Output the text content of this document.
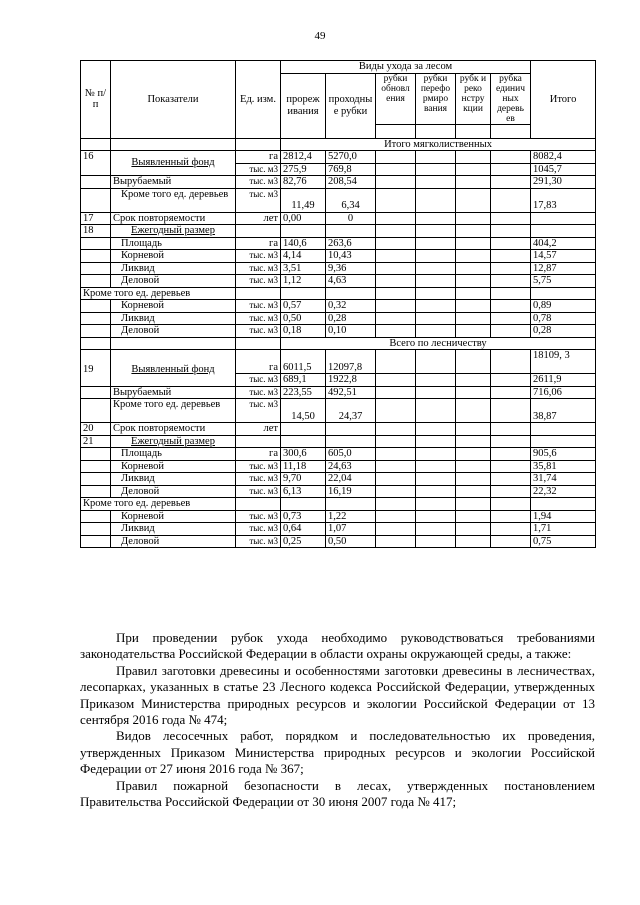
49
№ п/п	Показатели	Ед. изм.	Виды ухода за лесом						Итого
			прореж ивания	проходны е рубки	рубки обновл ения	рубки перефо рмиро вания	рубк и реко нстру кции	рубка единич ных деревь ев	

			Итого мягколиственных						
16	Выявленный фонд	га	2812,4	5270,0					8082,4
		тыс. м3	275,9	769,8					1045,7
	Вырубаемый	тыс. м3	82,76	208,54					291,30
	Кроме того ед. деревьев	тыс. м3	11,49	6,34					17,83
17	Срок повторяемости	лет	0,00	0					
18	Ежегодный размер								
	Площадь	га	140,6	263,6					404,2
	Корневой	тыс. м3	4,14	10,43					14,57
	Ликвид	тыс. м3	3,51	9,36					12,87
	Деловой	тыс. м3	1,12	4,63					5,75
Кроме того ед. деревьев									
	Корневой	тыс. м3	0,57	0,32					0,89
	Ликвид	тыс. м3	0,50	0,28					0,78
	Деловой	тыс. м3	0,18	0,10					0,28
			Всего по лесничеству						
19	Выявленный фонд	га	6011,5	12097,8					18109, 3
		тыс. м3	689,1	1922,8					2611,9
	Вырубаемый	тыс. м3	223,55	492,51					716,06
	Кроме того ед. деревьев	тыс. м3	14,50	24,37					38,87
20	Срок повторяемости	лет							
21	Ежегодный размер								
	Площадь	га	300,6	605,0					905,6
	Корневой	тыс. м3	11,18	24,63					35,81
	Ликвид	тыс. м3	9,70	22,04					31,74
	Деловой	тыс. м3	6,13	16,19					22,32
Кроме того ед. деревьев									
	Корневой	тыс. м3	0,73	1,22					1,94
	Ликвид	тыс. м3	0,64	1,07					1,71
	Деловой	тыс. м3	0,25	0,50					0,75

При проведении рубок ухода необходимо руководствоваться требованиями законодательства Российской Федерации в области охраны окружающей среды, а также:

Правил заготовки древесины и особенностями заготовки древесины в лесничествах, лесопарках, указанных в статье 23 Лесного кодекса Российской Федерации, утвержденных Приказом Министерства природных ресурсов и экологии Российской Федерации от 13 сентября 2016 года № 474;

Видов лесосечных работ, порядком и последовательностью их проведения, утвержденных Приказом Министерства природных ресурсов и экологии Российской Федерации от 27 июня 2016 года № 367;

Правил пожарной безопасности в лесах, утвержденных постановлением Правительства Российской Федерации от 30 июня 2007 года № 417;
